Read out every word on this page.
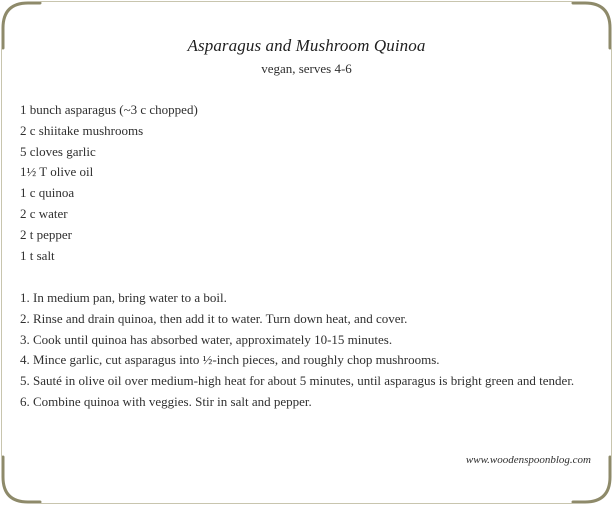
Asparagus and Mushroom Quinoa
vegan, serves 4-6
1 bunch asparagus (~3 c chopped)
2 c shiitake mushrooms
5 cloves garlic
1½ T olive oil
1 c quinoa
2 c water
2 t pepper
1 t salt
1. In medium pan, bring water to a boil.
2. Rinse and drain quinoa, then add it to water. Turn down heat, and cover.
3. Cook until quinoa has absorbed water, approximately 10-15 minutes.
4. Mince garlic, cut asparagus into ½-inch pieces, and roughly chop mushrooms.
5. Sauté in olive oil over medium-high heat for about 5 minutes, until asparagus is bright green and tender.
6. Combine quinoa with veggies. Stir in salt and pepper.
www.woodenspoonblog.com
